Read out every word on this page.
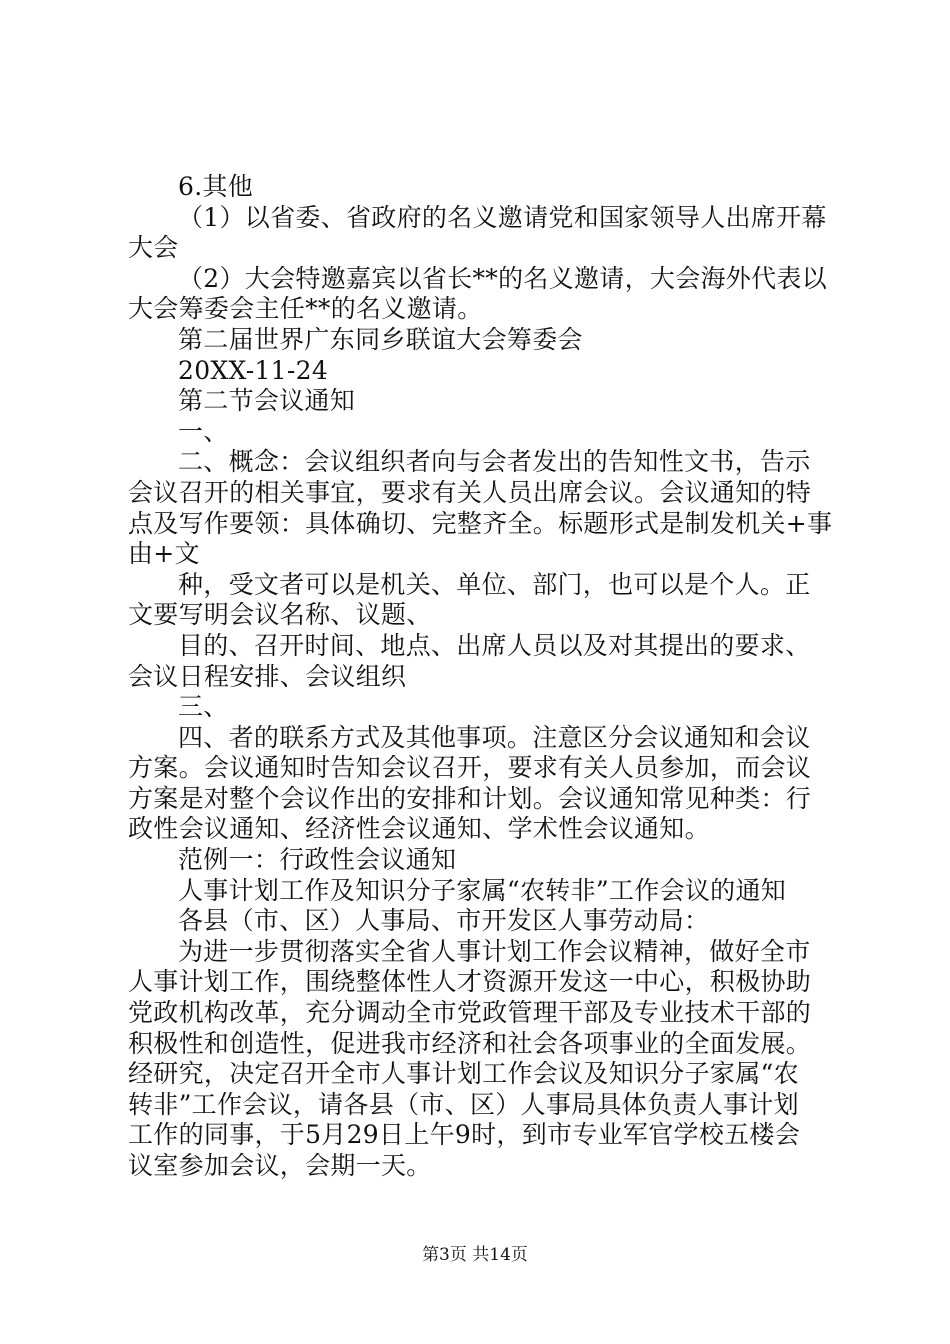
6.其他
（1）以省委、省政府的名义邀请党和国家领导人出席开幕
大会
（2）大会特邀嘉宾以省长**的名义邀请，大会海外代表以
大会筹委会主任**的名义邀请。
第二届世界广东同乡联谊大会筹委会
20XX-11-24
第二节会议通知
一、
二、概念：会议组织者向与会者发出的告知性文书，告示
会议召开的相关事宜，要求有关人员出席会议。会议通知的特
点及写作要领：具体确切、完整齐全。标题形式是制发机关+事
由+文
种，受文者可以是机关、单位、部门，也可以是个人。正
文要写明会议名称、议题、
目的、召开时间、地点、出席人员以及对其提出的要求、
会议日程安排、会议组织
三、
四、者的联系方式及其他事项。注意区分会议通知和会议
方案。会议通知时告知会议召开，要求有关人员参加，而会议
方案是对整个会议作出的安排和计划。会议通知常见种类：行
政性会议通知、经济性会议通知、学术性会议通知。
范例一：行政性会议通知
人事计划工作及知识分子家属“农转非”工作会议的通知
各县（市、区）人事局、市开发区人事劳动局：
为进一步贯彻落实全省人事计划工作会议精神，做好全市
人事计划工作，围绕整体性人才资源开发这一中心，积极协助
党政机构改革，充分调动全市党政管理干部及专业技术干部的
积极性和创造性，促进我市经济和社会各项事业的全面发展。
经研究，决定召开全市人事计划工作会议及知识分子家属“农
转非”工作会议，请各县（市、区）人事局具体负责人事计划
工作的同事，于5月29日上午9时，到市专业军官学校五楼会
议室参加会议，会期一天。
第3页 共14页
